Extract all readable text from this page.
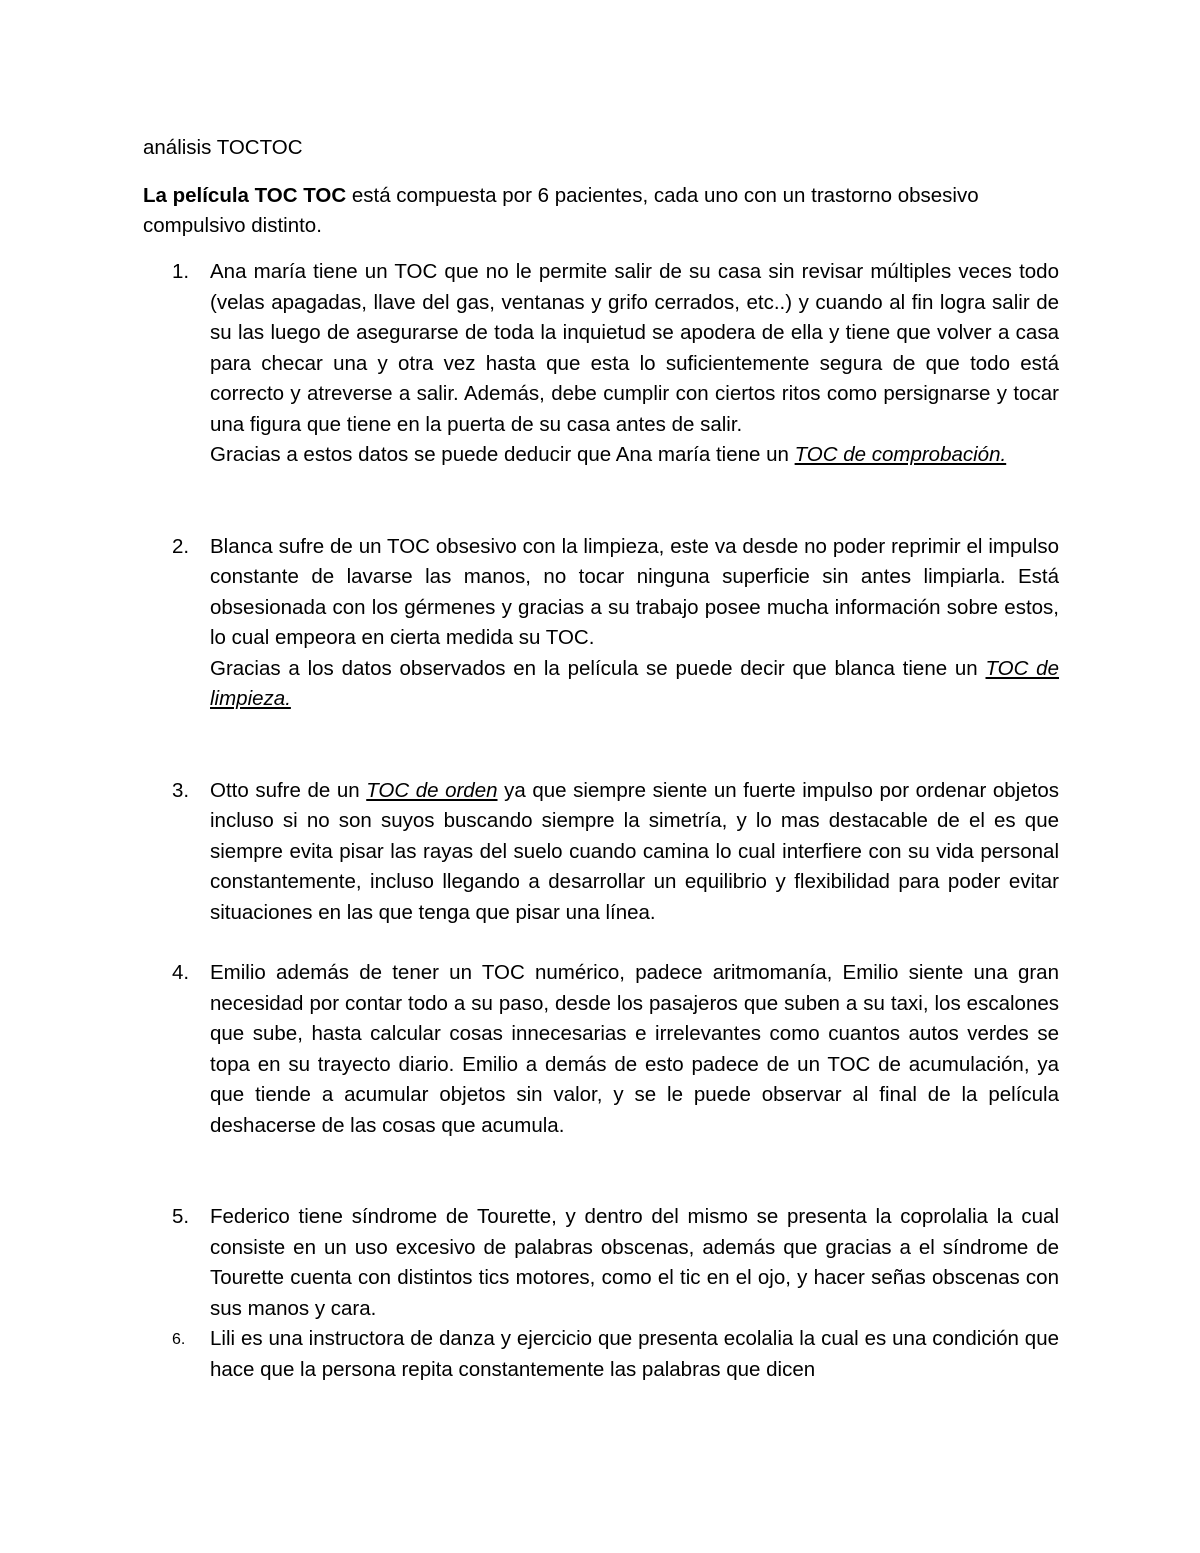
análisis TOCTOC

La película TOC TOC está compuesta por 6 pacientes, cada uno con un trastorno obsesivo compulsivo distinto.

1.	Ana maría tiene un TOC que no le permite salir de su casa sin revisar múltiples veces todo (velas apagadas, llave del gas, ventanas y grifo cerrados, etc..) y cuando al fin logra salir de su las luego de asegurarse de toda la inquietud se apodera de ella y tiene que volver a casa para checar una y otra vez hasta que esta lo suficientemente segura de que todo está correcto y atreverse a salir. Además, debe cumplir con ciertos ritos como persignarse y tocar una figura que tiene en la puerta de su casa antes de salir.

Gracias a estos datos se puede deducir que Ana maría tiene un TOC de comprobación.

2.	Blanca sufre de un TOC obsesivo con la limpieza, este va desde no poder reprimir el impulso constante de lavarse las manos, no tocar ninguna superficie sin antes limpiarla. Está obsesionada con los gérmenes y gracias a su trabajo posee mucha información sobre estos, lo cual empeora en cierta medida su TOC.

Gracias a los datos observados en la película se puede decir que blanca tiene un TOC de limpieza.

3.	Otto sufre de un TOC de orden ya que siempre siente un fuerte impulso por ordenar objetos incluso si no son suyos buscando siempre la simetría, y lo mas destacable de el es que siempre evita pisar las rayas del suelo cuando camina lo cual interfiere con su vida personal constantemente, incluso llegando a desarrollar un equilibrio y flexibilidad para poder evitar situaciones en las que tenga que pisar una línea.

4.	Emilio además de tener un TOC numérico, padece aritmomanía, Emilio siente una gran necesidad por contar todo a su paso, desde los pasajeros que suben a su taxi, los escalones que sube, hasta calcular cosas innecesarias e irrelevantes como cuantos autos verdes se topa en su trayecto diario. Emilio a demás de esto padece de un TOC de acumulación, ya que tiende a acumular objetos sin valor, y se le puede observar al final de la película deshacerse de las cosas que acumula.

5.	Federico tiene síndrome de Tourette, y dentro del mismo se presenta la coprolalia la cual consiste en un uso excesivo de palabras obscenas, además que gracias a el síndrome de Tourette cuenta con distintos tics motores, como el tic en el ojo, y hacer señas obscenas con sus manos y cara.

6.	Lili es una instructora de danza y ejercicio que presenta ecolalia la cual es una condición que hace que la persona repita constantemente las palabras que dicen
